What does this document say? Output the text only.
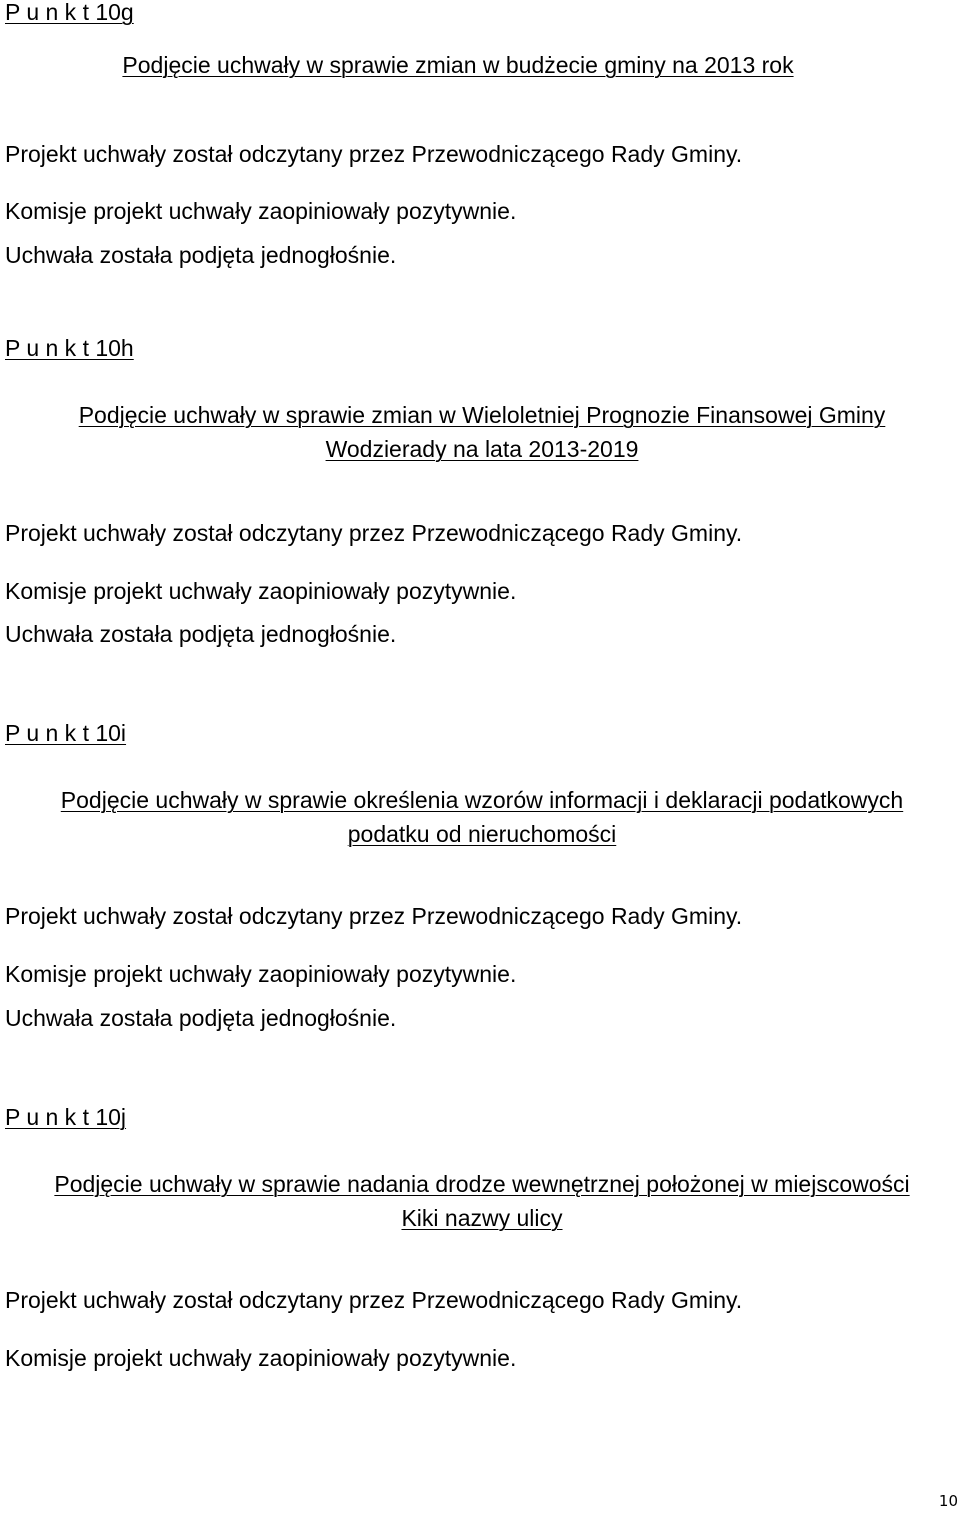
P u n k t 10g
Podjęcie uchwały w sprawie zmian w budżecie gminy na 2013 rok
Projekt uchwały został odczytany przez Przewodniczącego Rady Gminy.
Komisje projekt uchwały zaopiniowały pozytywnie.
Uchwała została podjęta jednogłośnie.
P u n k t 10h
Podjęcie uchwały w sprawie zmian w Wieloletniej Prognozie Finansowej Gminy
Wodzierady na lata 2013-2019
Projekt uchwały został odczytany przez Przewodniczącego Rady Gminy.
Komisje projekt uchwały zaopiniowały pozytywnie.
Uchwała została podjęta jednogłośnie.
P u n k t 10i
Podjęcie uchwały w sprawie określenia wzorów informacji i deklaracji podatkowych
podatku od nieruchomości
Projekt uchwały został odczytany przez Przewodniczącego Rady Gminy.
Komisje projekt uchwały zaopiniowały pozytywnie.
Uchwała została podjęta jednogłośnie.
P u n k t 10j
Podjęcie uchwały w sprawie nadania drodze wewnętrznej położonej w miejscowości
Kiki nazwy ulicy
Projekt uchwały został odczytany przez Przewodniczącego Rady Gminy.
Komisje projekt uchwały zaopiniowały pozytywnie.
10
